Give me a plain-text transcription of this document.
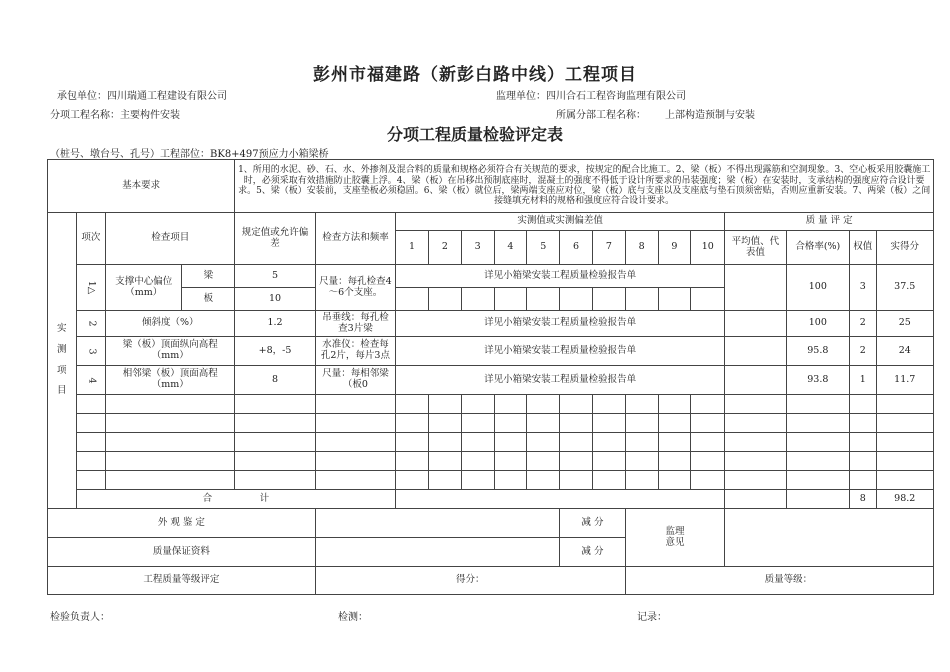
彭州市福建路（新彭白路中线）工程项目
承包单位：四川瑞通工程建设有限公司	监理单位：四川合石工程咨询监理有限公司
分项工程名称：主要构件安装	所属分部工程名称： 上部构造预制与安装
分项工程质量检验评定表
（桩号、墩台号、孔号）工程部位：BK8+497预应力小箱梁桥
基本要求				1、所用的水泥、砂、石、水、外掺剂及混合料的质量和规格必须符合有关规范的要求，按规定的配合比施工。2、梁（板）不得出现露筋和空洞现象。3、空心板采用胶囊施工时，必须采取有效措施防止胶囊上浮。4、梁（板）在吊移出预制底座时，混凝土的强度不得低于设计所要求的吊装强度；梁（板）在安装时，支承结构的强度应符合设计要求。5、梁（板）安装前，支座垫板必须稳固。6、梁（板）就位后，梁两端支座应对位，梁（板）底与支座以及支座底与垫石顶须密贴，否则应重新安装。7、两梁（板）之间接缝填充材料的规格和强度应符合设计要求。															

实
测
项
目	项次	检查项目		规定值或允许偏差	检查方法和频率	实测值或实测偏差值										质 量 评 定			
						1	2	3	4	5	6	7	8	9	10	平均值、代表值	合格率(%)	权值	实得分
	1△	支撑中心偏位（mm）	梁	5	尺量：每孔检查4～6个支座。	详见小箱梁安装工程质量检验报告单											100	3	37.5
			板	10															
	2	倾斜度（%）		1.2	吊垂线：每孔检查3片梁	详见小箱梁安装工程质量检验报告单											100	2	25
	3	梁（板）顶面纵向高程（mm）		+8，-5	水准仪：检查每孔2片，每片3点	详见小箱梁安装工程质量检验报告单											95.8	2	24
	4	相邻梁（板）顶面高程（mm）		8	尺量：每相邻梁（板0	详见小箱梁安装工程质量检验报告单											93.8	1	11.7

	合　　　　　计																	8	98.2
外 观 鉴 定											减 分		监理
意见						

质量保证资料											减 分								
工程质量等级评定					得分：								质量等级：						
检验负责人：	检测：	记录：
